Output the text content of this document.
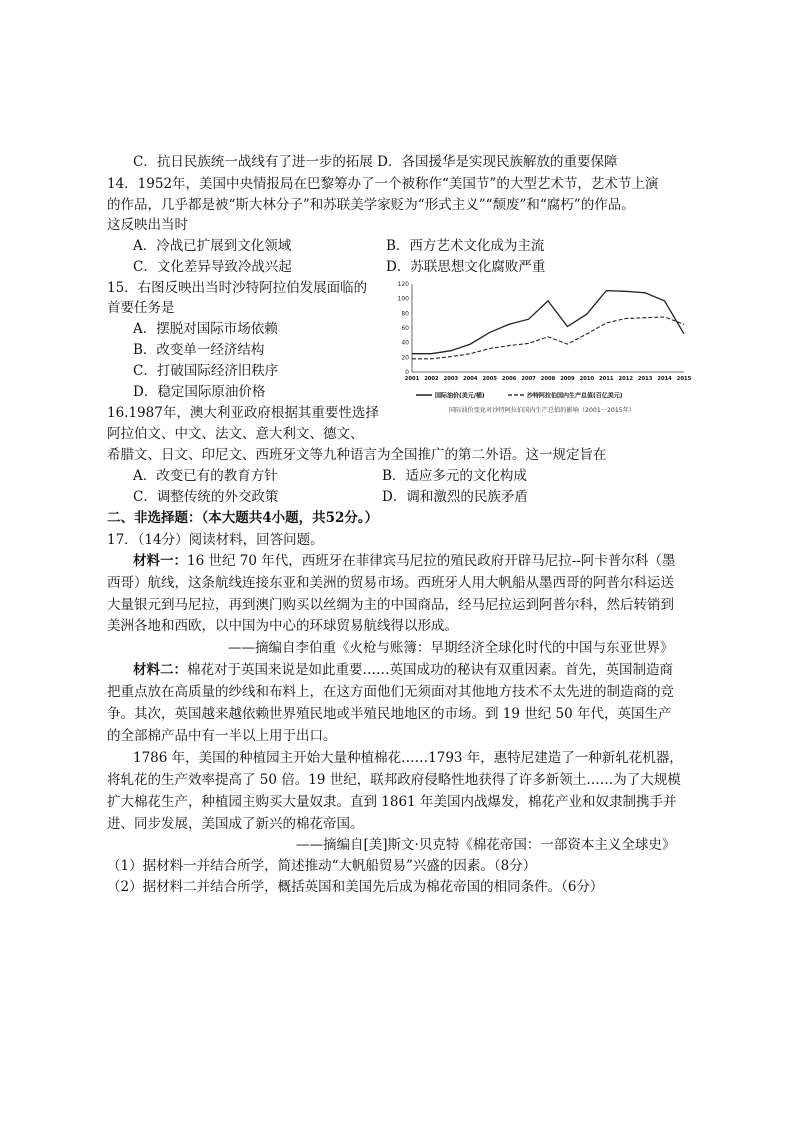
C．抗日民族统一战线有了进一步的拓展 D．各国援华是实现民族解放的重要保障
14．1952年，美国中央情报局在巴黎筹办了一个被称作“美国节”的大型艺术节，艺术节上演
的作品，几乎都是被“斯大林分子”和苏联美学家贬为“形式主义”“颓废”和“腐朽”的作品。
这反映出当时
A．冷战已扩展到文化领域	B．西方艺术文化成为主流
C．文化差异导致冷战兴起	D．苏联思想文化腐败严重
15．右图反映出当时沙特阿拉伯发展面临的
首要任务是
A．摆脱对国际市场依赖
B．改变单一经济结构
C．打破国际经济旧秩序
D．稳定国际原油价格
0
20
40
60
80
100
120
2001 2002 2003 2004 2005 2006 2007 2008 2009 2010 2011 2012 2013 2014 2015
国际油价(美元/桶)	沙特阿拉伯国内生产总值(百亿美元)
国际油价变化对沙特阿拉伯国内生产总值的影响（2001一2015年）
16.1987年，澳大利亚政府根据其重要性选择
阿拉伯文、中文、法文、意大利文、德文、
希腊文、日文、印尼文、西班牙文等九种语言为全国推广的第二外语。这一规定旨在
A．改变已有的教育方针	B．适应多元的文化构成
C．调整传统的外交政策	D．调和激烈的民族矛盾
二、非选择题：（本大题共4小题，共52分。）
17．（14分）阅读材料，回答问题。
材料一：16 世纪 70 年代，西班牙在菲律宾马尼拉的殖民政府开辟马尼拉--阿卡普尔科（墨
西哥）航线，这条航线连接东亚和美洲的贸易市场。西班牙人用大帆船从墨西哥的阿普尔科运送
大量银元到马尼拉，再到澳门购买以丝绸为主的中国商品，经马尼拉运到阿普尔科，然后转销到
美洲各地和西欧，以中国为中心的环球贸易航线得以形成。
——摘编自李伯重《火枪与账簿：早期经济全球化时代的中国与东亚世界》
材料二：棉花对于英国来说是如此重要……英国成功的秘诀有双重因素。首先，英国制造商
把重点放在高质量的纱线和布料上，在这方面他们无须面对其他地方技术不太先进的制造商的竞
争。其次，英国越来越依赖世界殖民地或半殖民地地区的市场。到 19 世纪 50 年代，英国生产
的全部棉产品中有一半以上用于出口。
1786 年，美国的种植园主开始大量种植棉花……1793 年，惠特尼建造了一种新轧花机器，
将轧花的生产效率提高了 50 倍。19 世纪，联邦政府侵略性地获得了许多新领土……为了大规模
扩大棉花生产，种植园主购买大量奴隶。直到 1861 年美国内战爆发，棉花产业和奴隶制携手并
进、同步发展，美国成了新兴的棉花帝国。
——摘编自[美]斯文·贝克特《棉花帝国：一部资本主义全球史》
（1）据材料一并结合所学，简述推动“大帆船贸易”兴盛的因素。（8分）
（2）据材料二并结合所学，概括英国和美国先后成为棉花帝国的相同条件。（6分）
